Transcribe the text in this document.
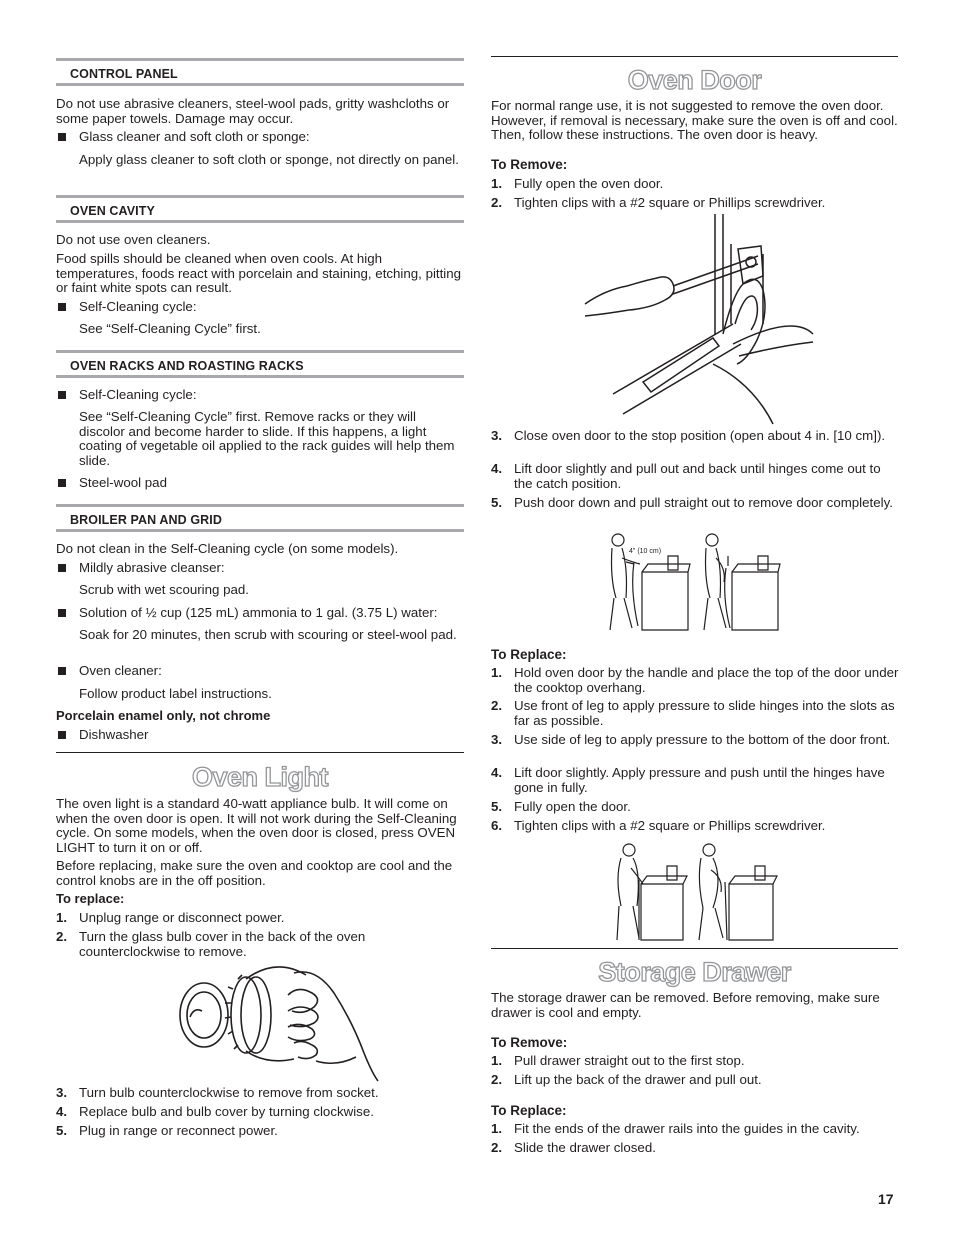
CONTROL PANEL
Do not use abrasive cleaners, steel-wool pads, gritty washcloths or some paper towels. Damage may occur.
Glass cleaner and soft cloth or sponge:
Apply glass cleaner to soft cloth or sponge, not directly on panel.
OVEN CAVITY
Do not use oven cleaners.
Food spills should be cleaned when oven cools. At high temperatures, foods react with porcelain and staining, etching, pitting or faint white spots can result.
Self-Cleaning cycle:
See “Self-Cleaning Cycle” first.
OVEN RACKS AND ROASTING RACKS
Self-Cleaning cycle:
See “Self-Cleaning Cycle” first. Remove racks or they will discolor and become harder to slide. If this happens, a light coating of vegetable oil applied to the rack guides will help them slide.
Steel-wool pad
BROILER PAN AND GRID
Do not clean in the Self-Cleaning cycle (on some models).
Mildly abrasive cleanser:
Scrub with wet scouring pad.
Solution of ½ cup (125 mL) ammonia to 1 gal. (3.75 L) water:
Soak for 20 minutes, then scrub with scouring or steel-wool pad.
Oven cleaner:
Follow product label instructions.
Porcelain enamel only, not chrome
Dishwasher
Oven Light
The oven light is a standard 40-watt appliance bulb. It will come on when the oven door is open. It will not work during the Self-Cleaning cycle. On some models, when the oven door is closed, press OVEN LIGHT to turn it on or off.
Before replacing, make sure the oven and cooktop are cool and the control knobs are in the off position.
To replace:
1. Unplug range or disconnect power.
2. Turn the glass bulb cover in the back of the oven counterclockwise to remove.
3. Turn bulb counterclockwise to remove from socket.
4. Replace bulb and bulb cover by turning clockwise.
5. Plug in range or reconnect power.
Oven Door
For normal range use, it is not suggested to remove the oven door. However, if removal is necessary, make sure the oven is off and cool. Then, follow these instructions. The oven door is heavy.
To Remove:
1. Fully open the oven door.
2. Tighten clips with a #2 square or Phillips screwdriver.
3. Close oven door to the stop position (open about 4 in. [10 cm]).
4. Lift door slightly and pull out and back until hinges come out to the catch position.
5. Push door down and pull straight out to remove door completely.
4" (10 cm)
To Replace:
1. Hold oven door by the handle and place the top of the door under the cooktop overhang.
2. Use front of leg to apply pressure to slide hinges into the slots as far as possible.
3. Use side of leg to apply pressure to the bottom of the door front.
4. Lift door slightly. Apply pressure and push until the hinges have gone in fully.
5. Fully open the door.
6. Tighten clips with a #2 square or Phillips screwdriver.
Storage Drawer
The storage drawer can be removed. Before removing, make sure drawer is cool and empty.
To Remove:
1. Pull drawer straight out to the first stop.
2. Lift up the back of the drawer and pull out.
To Replace:
1. Fit the ends of the drawer rails into the guides in the cavity.
2. Slide the drawer closed.
17
